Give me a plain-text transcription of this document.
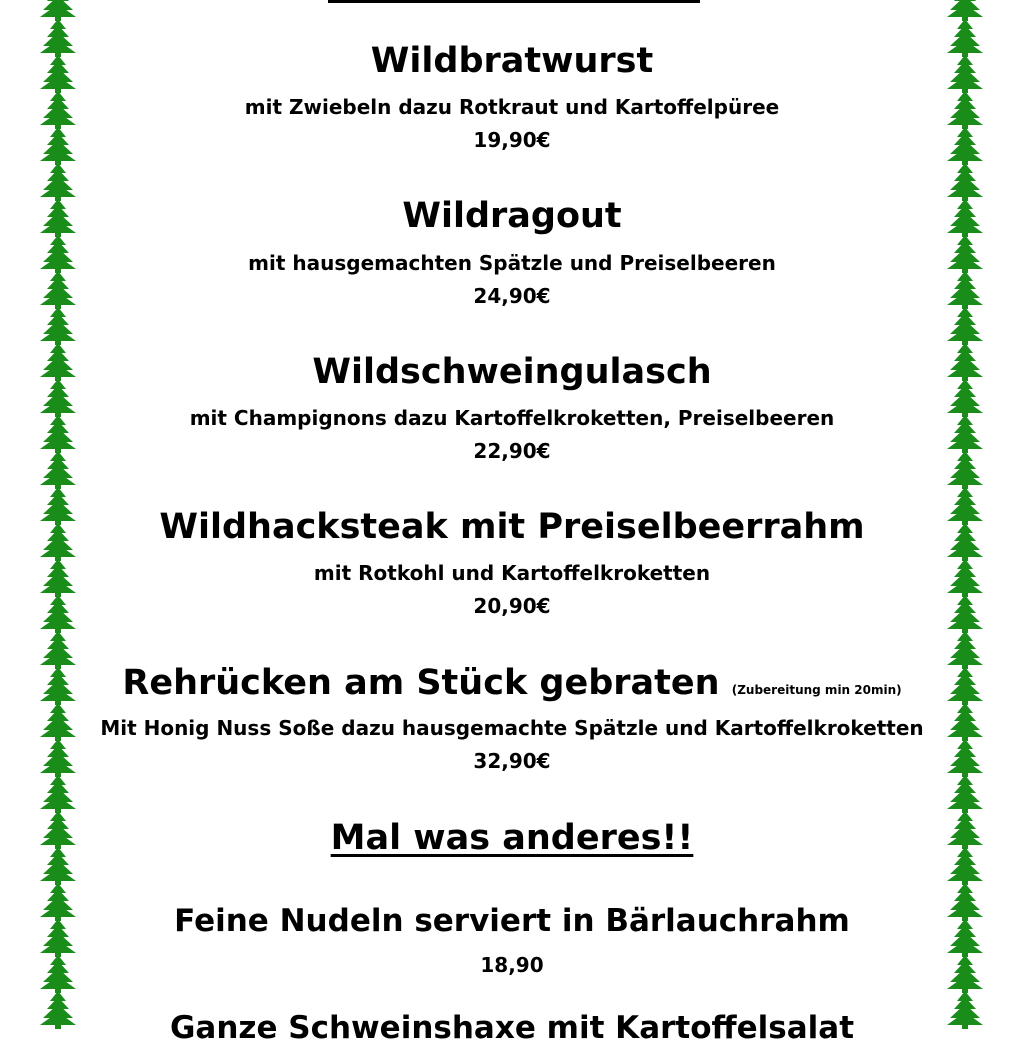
Wildbratwurst
mit Zwiebeln dazu Rotkraut und Kartoffelpüree
19,90€
Wildragout
mit hausgemachten Spätzle und Preiselbeeren
24,90€
Wildschweingulasch
mit Champignons dazu Kartoffelkroketten, Preiselbeeren
22,90€
Wildhacksteak mit Preiselbeerrahm
mit Rotkohl und Kartoffelkroketten
20,90€
Rehrücken am Stück gebraten (Zubereitung min 20min)
Mit Honig Nuss Soße dazu hausgemachte Spätzle und Kartoffelkroketten
32,90€
Mal was anderes!!
Feine Nudeln serviert in Bärlauchrahm
18,90
Ganze Schweinshaxe mit Kartoffelsalat
